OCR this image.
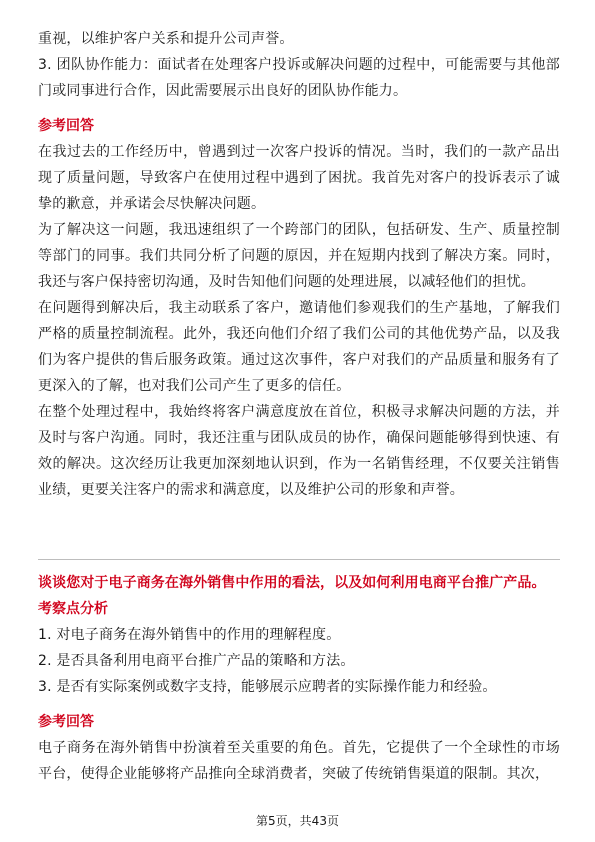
重视，以维护客户关系和提升公司声誉。

3. 团队协作能力：面试者在处理客户投诉或解决问题的过程中，可能需要与其他部门或同事进行合作，因此需要展示出良好的团队协作能力。

参考回答

在我过去的工作经历中，曾遇到过一次客户投诉的情况。当时，我们的一款产品出现了质量问题，导致客户在使用过程中遇到了困扰。我首先对客户的投诉表示了诚挚的歉意，并承诺会尽快解决问题。

为了解决这一问题，我迅速组织了一个跨部门的团队，包括研发、生产、质量控制等部门的同事。我们共同分析了问题的原因，并在短期内找到了解决方案。同时，我还与客户保持密切沟通，及时告知他们问题的处理进展，以减轻他们的担忧。

在问题得到解决后，我主动联系了客户，邀请他们参观我们的生产基地，了解我们严格的质量控制流程。此外，我还向他们介绍了我们公司的其他优势产品，以及我们为客户提供的售后服务政策。通过这次事件，客户对我们的产品质量和服务有了更深入的了解，也对我们公司产生了更多的信任。

在整个处理过程中，我始终将客户满意度放在首位，积极寻求解决问题的方法，并及时与客户沟通。同时，我还注重与团队成员的协作，确保问题能够得到快速、有效的解决。这次经历让我更加深刻地认识到，作为一名销售经理，不仅要关注销售业绩，更要关注客户的需求和满意度，以及维护公司的形象和声誉。

谈谈您对于电子商务在海外销售中作用的看法，以及如何利用电商平台推广产品。

考察点分析

1. 对电子商务在海外销售中的作用的理解程度。

2. 是否具备利用电商平台推广产品的策略和方法。

3. 是否有实际案例或数字支持，能够展示应聘者的实际操作能力和经验。

参考回答

电子商务在海外销售中扮演着至关重要的角色。首先，它提供了一个全球性的市场平台，使得企业能够将产品推向全球消费者，突破了传统销售渠道的限制。其次，

第5页，共43页
